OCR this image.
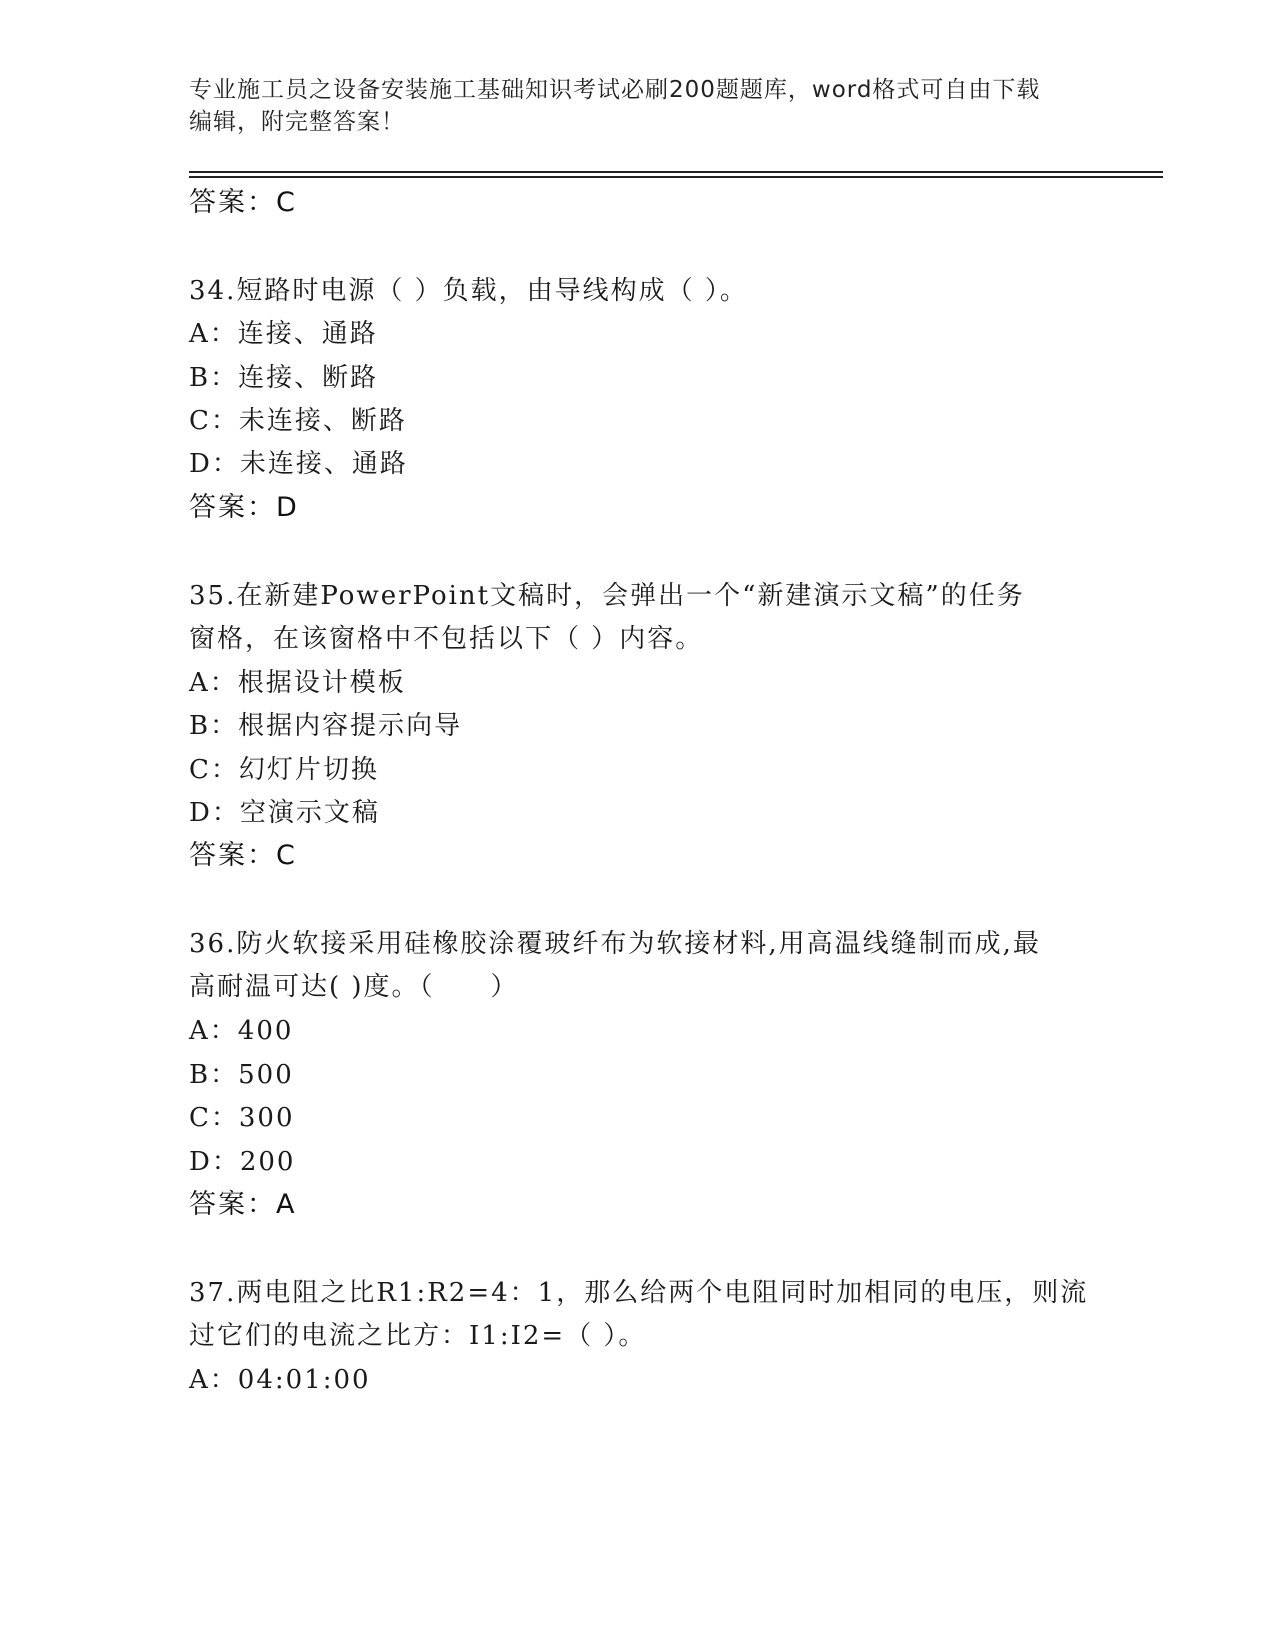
专业施工员之设备安装施工基础知识考试必刷200题题库，word格式可自由下载
编辑，附完整答案！
答案：C
34.短路时电源（ ）负载，由导线构成（ ）。
A：连接、通路
B：连接、断路
C：未连接、断路
D：未连接、通路
答案：D
35.在新建PowerPoint文稿时，会弹出一个“新建演示文稿”的任务
窗格，在该窗格中不包括以下（ ）内容。
A：根据设计模板
B：根据内容提示向导
C：幻灯片切换
D：空演示文稿
答案：C
36.防火软接采用硅橡胶涂覆玻纤布为软接材料,用高温线缝制而成,最
高耐温可达( )度。（　　）
A：400
B：500
C：300
D：200
答案：A
37.两电阻之比R1:R2=4：1，那么给两个电阻同时加相同的电压，则流
过它们的电流之比方：I1:I2=（ ）。
A：04:01:00
